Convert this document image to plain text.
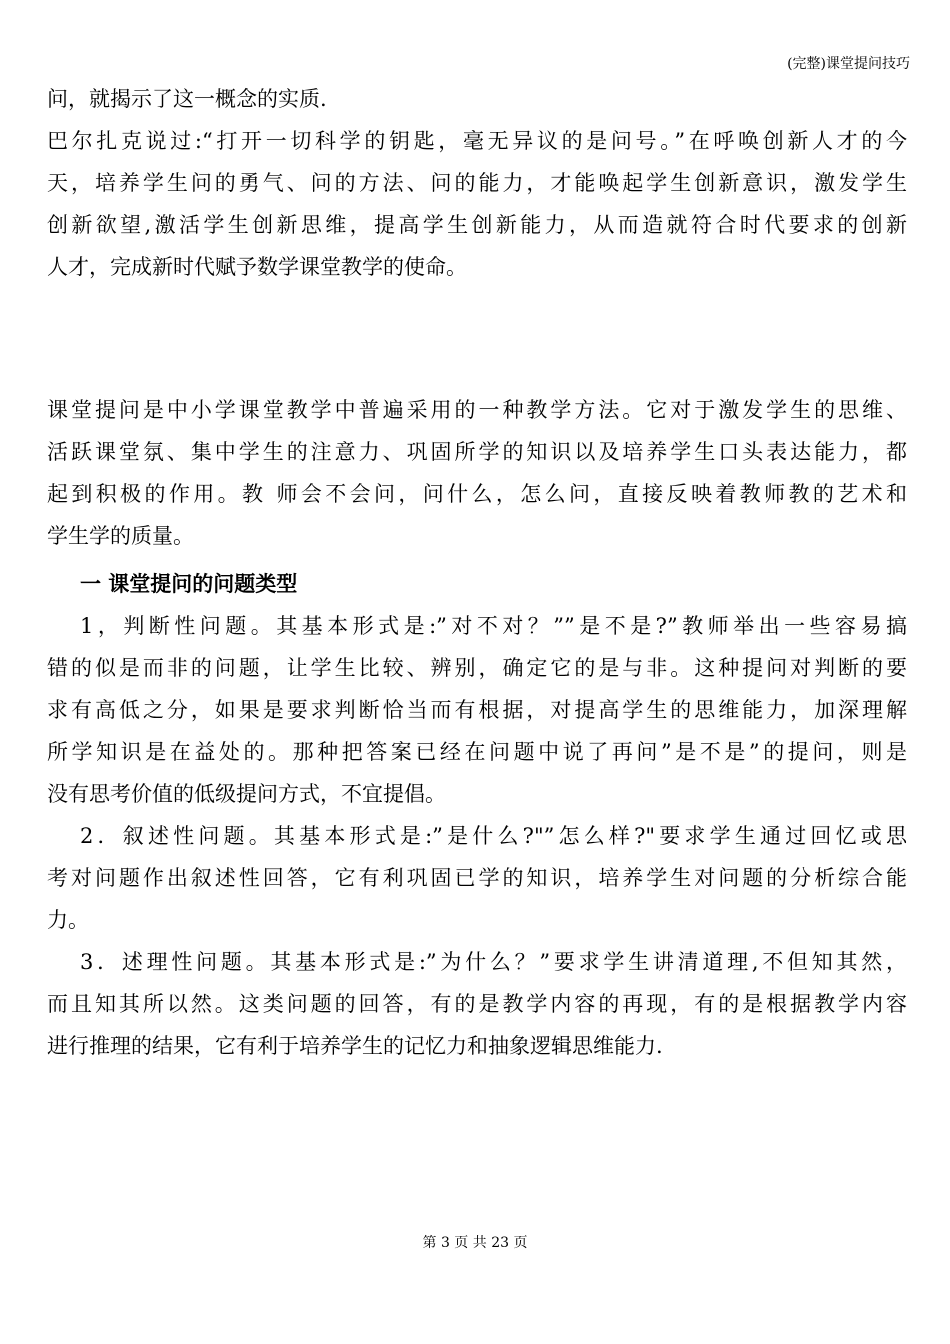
(完整)课堂提问技巧
问，就揭示了这一概念的实质.
巴尔扎克说过:“打开一切科学的钥匙，毫无异议的是问号。”在呼唤创新人才的今
天，培养学生问的勇气、问的方法、问的能力，才能唤起学生创新意识，激发学生
创新欲望,激活学生创新思维，提高学生创新能力，从而造就符合时代要求的创新
人才，完成新时代赋予数学课堂教学的使命。
课堂提问是中小学课堂教学中普遍采用的一种教学方法。它对于激发学生的思维、
活跃课堂氛、集中学生的注意力、巩固所学的知识以及培养学生口头表达能力，都
起到积极的作用。教 师会不会问，问什么，怎么问，直接反映着教师教的艺术和
学生学的质量。
一 课堂提问的问题类型
1，判断性问题。其基本形式是:”对不对？””是不是?”教师举出一些容易搞
错的似是而非的问题，让学生比较、辨别，确定它的是与非。这种提问对判断的要
求有高低之分，如果是要求判断恰当而有根据，对提高学生的思维能力，加深理解
所学知识是在益处的。那种把答案已经在问题中说了再问”是不是”的提问，则是
没有思考价值的低级提问方式，不宜提倡。
2．叙述性问题。其基本形式是:”是什么?"”怎么样?"要求学生通过回忆或思
考对问题作出叙述性回答，它有利巩固已学的知识，培养学生对问题的分析综合能
力。
3．述理性问题。其基本形式是:”为什么？”要求学生讲清道理,不但知其然，
而且知其所以然。这类问题的回答，有的是教学内容的再现，有的是根据教学内容
进行推理的结果，它有利于培养学生的记忆力和抽象逻辑思维能力.
第 3 页 共 23 页
